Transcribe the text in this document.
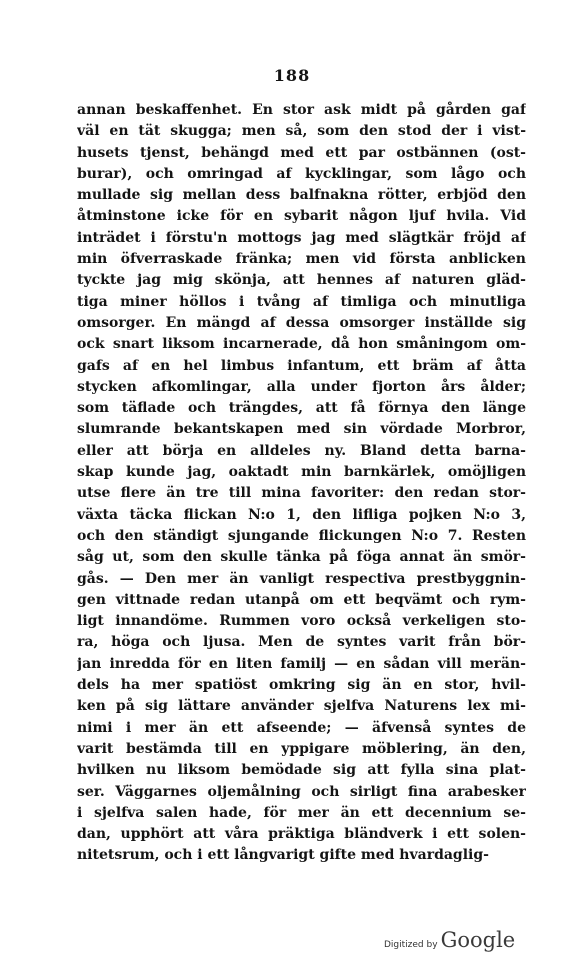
188
annan beskaffenhet. En stor ask midt på gården gaf
väl en tät skugga; men så, som den stod der i vist-
husets tjenst, behängd med ett par ostbännen (ost-
burar), och omringad af kycklingar, som lågo och
mullade sig mellan dess balfnakna rötter, erbjöd den
åtminstone icke för en sybarit någon ljuf hvila. Vid
inträdet i förstu'n mottogs jag med slägtkär fröjd af
min öfverraskade fränka; men vid första anblicken
tyckte jag mig skönja, att hennes af naturen gläd-
tiga miner höllos i tvång af timliga och minutliga
omsorger. En mängd af dessa omsorger inställde sig
ock snart liksom incarnerade, då hon småningom om-
gafs af en hel limbus infantum, ett bräm af åtta
stycken afkomlingar, alla under fjorton års ålder;
som täflade och trängdes, att få förnya den länge
slumrande bekantskapen med sin vördade Morbror,
eller att börja en alldeles ny. Bland detta barna-
skap kunde jag, oaktadt min barnkärlek, omöjligen
utse flere än tre till mina favoriter: den redan stor-
växta täcka flickan N:o 1, den lifliga pojken N:o 3,
och den ständigt sjungande flickungen N:o 7. Resten
såg ut, som den skulle tänka på föga annat än smör-
gås. — Den mer än vanligt respectiva prestbyggnin-
gen vittnade redan utanpå om ett beqvämt och rym-
ligt innandöme. Rummen voro också verkeligen sto-
ra, höga och ljusa. Men de syntes varit från bör-
jan inredda för en liten familj — en sådan vill merän-
dels ha mer spatiöst omkring sig än en stor, hvil-
ken på sig lättare använder sjelfva Naturens lex mi-
nimi i mer än ett afseende; — äfvenså syntes de
varit bestämda till en yppigare möblering, än den,
hvilken nu liksom bemödade sig att fylla sina plat-
ser. Väggarnes oljemålning och sirligt fina arabesker
i sjelfva salen hade, för mer än ett decennium se-
dan, upphört att våra präktiga bländverk i ett solen-
nitetsrum, och i ett långvarigt gifte med hvardaglig-
Digitized by Google
